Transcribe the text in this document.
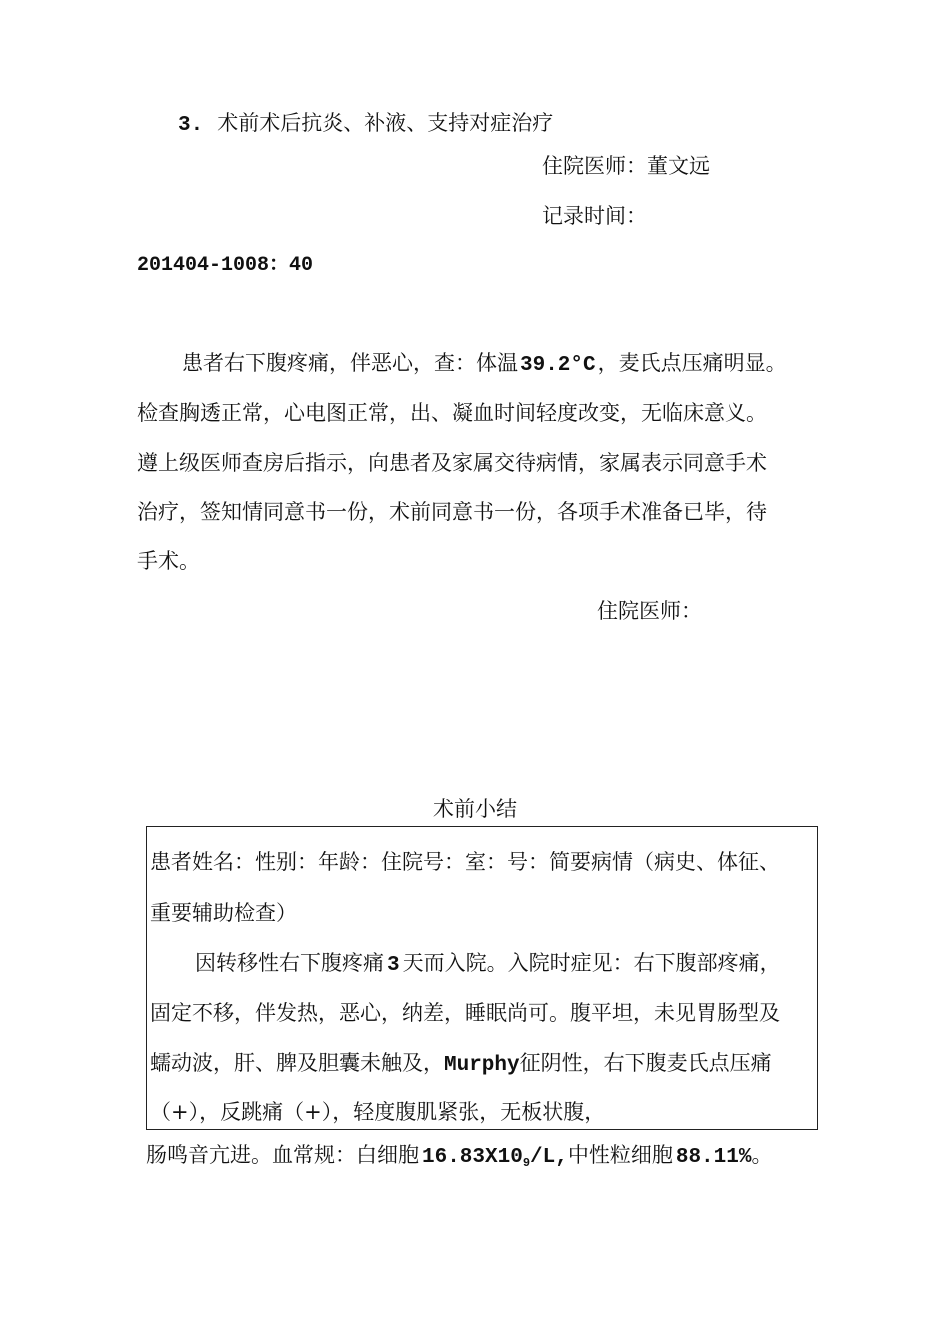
3. 术前术后抗炎、补液、支持对症治疗
住院医师：董文远
记录时间：
201404-1008：40
患者右下腹疼痛，伴恶心，查：体温39.2°C，麦氏点压痛明显。
检查胸透正常，心电图正常，出、凝血时间轻度改变，无临床意义。
遵上级医师查房后指示，向患者及家属交待病情，家属表示同意手术
治疗，签知情同意书一份，术前同意书一份，各项手术准备已毕，待
手术。
住院医师：
术前小结
患者姓名：性别：年龄：住院号：室：号：简要病情（病史、体征、
重要辅助检查）
因转移性右下腹疼痛 3 天而入院。入院时症见：右下腹部疼痛，
固定不移，伴发热，恶心，纳差，睡眠尚可。腹平坦，未见胃肠型及
蠕动波，肝、脾及胆囊未触及，Murphy征阴性，右下腹麦氏点压痛
（+），反跳痛（+），轻度腹肌紧张，无板状腹，
肠鸣音亢进。血常规：白细胞 16.83X109/L,中性粒细胞 88.11%。
